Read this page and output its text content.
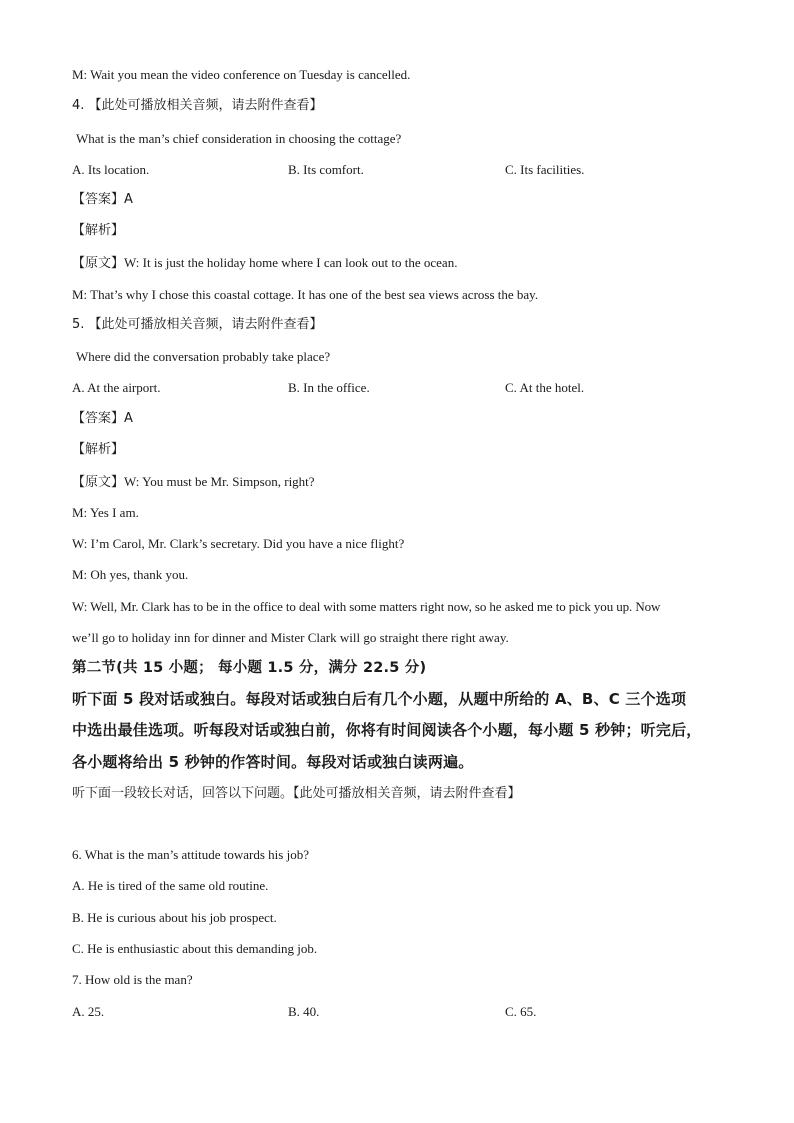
M: Wait you mean the video conference on Tuesday is cancelled.
4. 【此处可播放相关音频，请去附件查看】
What is the man’s chief consideration in choosing the cottage?
A. Its location.	B. Its comfort.	C. Its facilities.
【答案】A
【解析】
【原文】W: It is just the holiday home where I can look out to the ocean.
M: That’s why I chose this coastal cottage. It has one of the best sea views across the bay.
5. 【此处可播放相关音频，请去附件查看】
Where did the conversation probably take place?
A. At the airport.	B. In the office.	C. At the hotel.
【答案】A
【解析】
【原文】W: You must be Mr. Simpson, right?
M: Yes I am.
W: I’m Carol, Mr. Clark’s secretary. Did you have a nice flight?
M: Oh yes, thank you.
W: Well, Mr. Clark has to be in the office to deal with some matters right now, so he asked me to pick you up. Now
we’ll go to holiday inn for dinner and Mister Clark will go straight there right away.
第二节(共 15 小题； 每小题 1.5 分，满分 22.5 分)
听下面 5 段对话或独白。每段对话或独白后有几个小题，从题中所给的 A、B、C 三个选项
中选出最佳选项。听每段对话或独白前，你将有时间阅读各个小题，每小题 5 秒钟；听完后，
各小题将给出 5 秒钟的作答时间。每段对话或独白读两遍。
听下面一段较长对话，回答以下问题。【此处可播放相关音频，请去附件查看】
6. What is the man’s attitude towards his job?
A. He is tired of the same old routine.
B. He is curious about his job prospect.
C. He is enthusiastic about this demanding job.
7. How old is the man?
A. 25.	B. 40.	C. 65.
